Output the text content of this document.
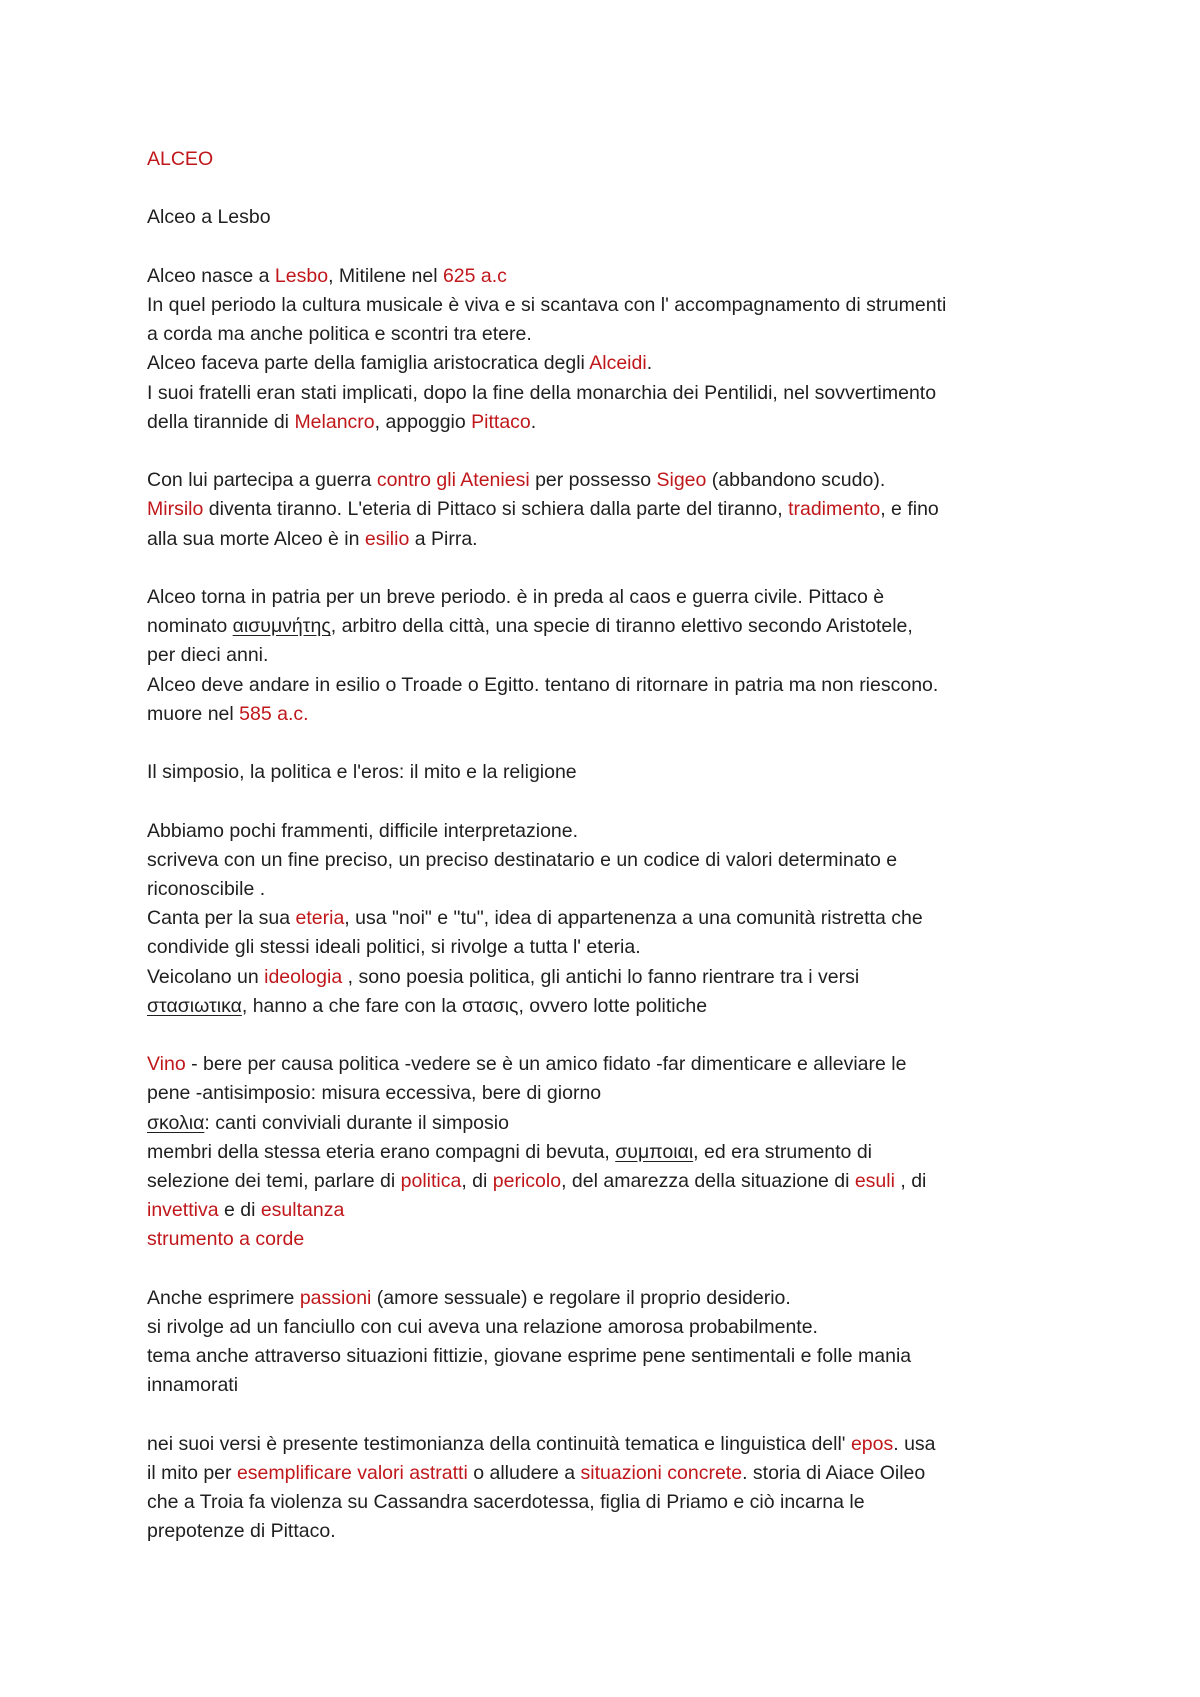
ALCEO

Alceo a Lesbo

Alceo nasce a Lesbo, Mitilene nel 625 a.c

In quel periodo la cultura musicale è viva e si scantava con l' accompagnamento di strumenti

a corda ma anche politica e scontri tra etere.

Alceo faceva parte della famiglia aristocratica degli Alceidi.

I suoi fratelli eran stati implicati, dopo la fine della monarchia dei Pentilidi, nel sovvertimento

della tirannide di Melancro, appoggio Pittaco.

Con lui partecipa a guerra contro gli Ateniesi per possesso Sigeo (abbandono scudo).

Mirsilo diventa tiranno. L'eteria di Pittaco si schiera dalla parte del tiranno, tradimento, e fino

alla sua morte Alceo è in esilio a Pirra.

Alceo torna in patria per un breve periodo. è in preda al caos e guerra civile. Pittaco è

nominato αισυμνήτης, arbitro della città, una specie di tiranno elettivo secondo Aristotele,

per dieci anni.

Alceo deve andare in esilio o Troade o Egitto. tentano di ritornare in patria ma non riescono.

muore nel 585 a.c.

Il simposio, la politica e l'eros: il mito e la religione

Abbiamo pochi frammenti, difficile interpretazione.

scriveva con un fine preciso, un preciso destinatario e un codice di valori determinato e

riconoscibile .

Canta per la sua eteria, usa "noi" e "tu", idea di appartenenza a una comunità ristretta che

condivide gli stessi ideali politici, si rivolge a tutta l' eteria.

Veicolano un ideologia , sono poesia politica, gli antichi lo fanno rientrare tra i versi

στασιωτικα, hanno a che fare con la στασις, ovvero lotte politiche

Vino - bere per causa politica -vedere se è un amico fidato -far dimenticare e alleviare le

pene -antisimposio: misura eccessiva, bere di giorno

σκολια: canti conviviali durante il simposio

membri della stessa eteria erano compagni di bevuta, συμποιαι, ed era strumento di

selezione dei temi, parlare di politica, di pericolo, del amarezza della situazione di esuli , di

invettiva e di esultanza

strumento a corde

Anche esprimere passioni (amore sessuale) e regolare il proprio desiderio.

si rivolge ad un fanciullo con cui aveva una relazione amorosa probabilmente.

tema anche attraverso situazioni fittizie, giovane esprime pene sentimentali e folle mania

innamorati

nei suoi versi è presente testimonianza della continuità tematica e linguistica dell' epos. usa

il mito per esemplificare valori astratti o alludere a situazioni concrete. storia di Aiace Oileo

che a Troia fa violenza su Cassandra sacerdotessa, figlia di Priamo e ciò incarna le

prepotenze di Pittaco.
